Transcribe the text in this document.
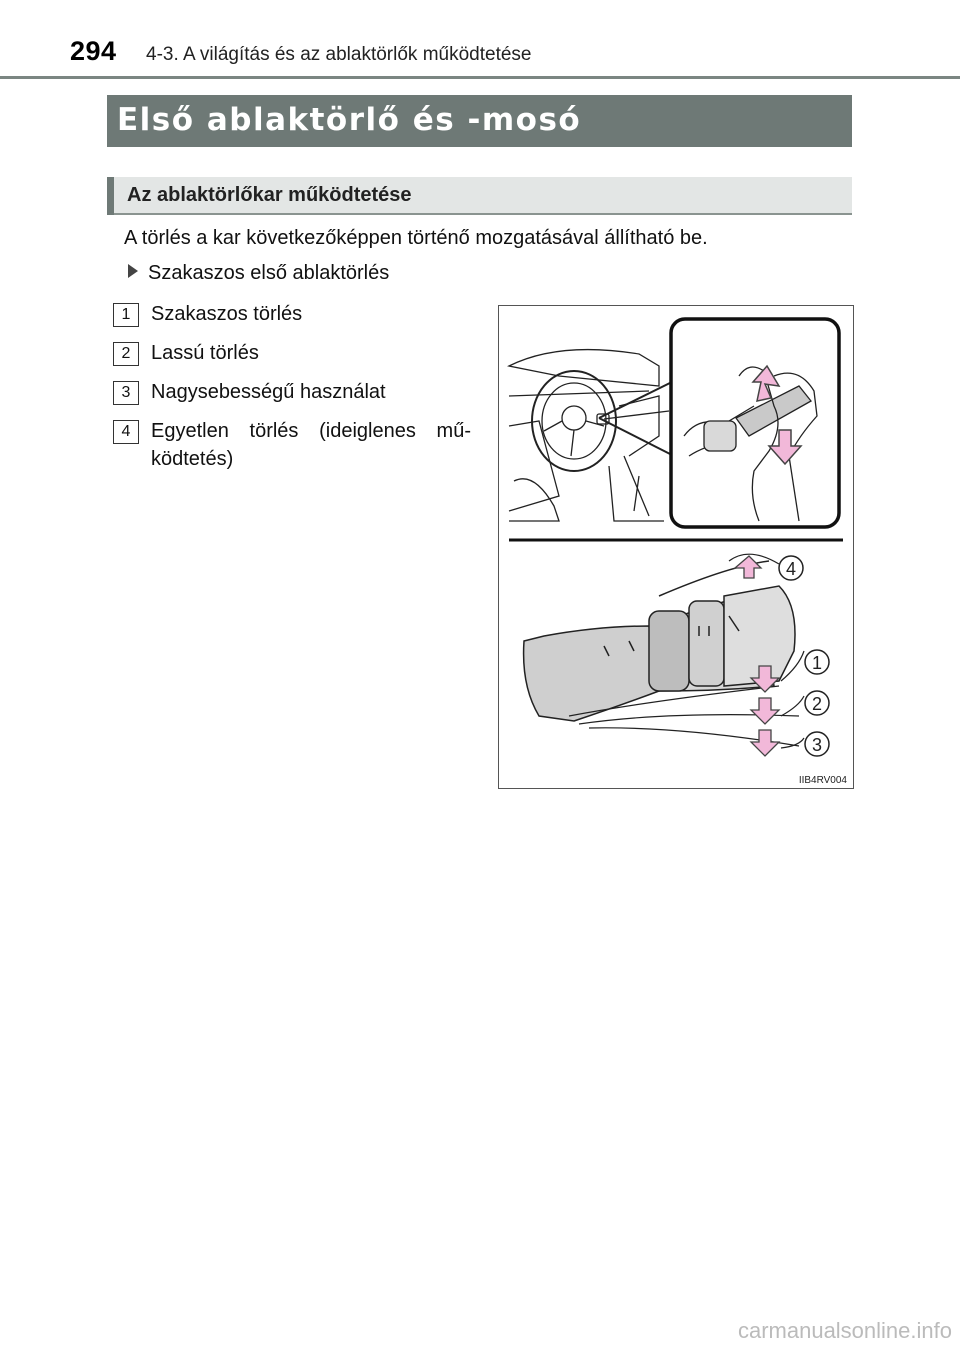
294 4-3. A világítás és az ablaktörlők működtetése
Első ablaktörlő és -mosó
Az ablaktörlőkar működtetése
A törlés a kar következőképpen történő mozgatásával állítható be.
Szakaszos első ablaktörlés
1 Szakaszos törlés
2 Lassú törlés
3 Nagysebességű használat
4 Egyetlen törlés (ideiglenes mű-ködtetés)
4
1
2
3
IIB4RV004
carmanualsonline.info
